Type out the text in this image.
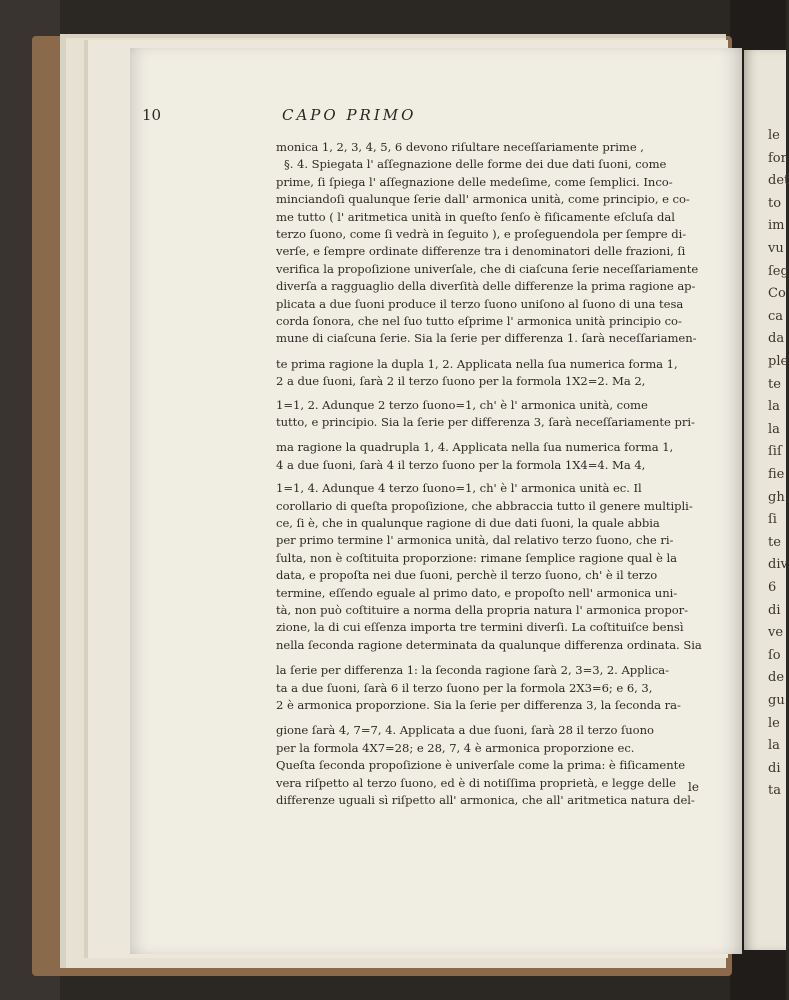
le
for
det
to
im
vu
ſeg
Co
ca
da
ple
te
la
la
ſiſ
fie
gh
ſi
te
div
6
di
ve
ſo
de
gu
le
la
di
ta
10	CAPO PRIMO
monica 1, 2, 3, 4, 5, 6 devono riſultare neceſſariamente prime ,
§. 4. Spiegata l' aſſegnazione delle forme dei due dati ſuoni, come
prime, ſi ſpiega l' aſſegnazione delle medeſime, come ſemplici. Inco-
minciandoſi qualunque ſerie dall' armonica unità, come principio, e co-
me tutto ( l' aritmetica unità in queſto ſenſo è fiſicamente eſcluſa dal
terzo ſuono, come ſi vedrà in ſeguito ), e proſeguendola per ſempre di-
verſe, e ſempre ordinate differenze tra i denominatori delle frazioni, ſi
verifica la propoſizione univerſale, che di ciaſcuna ſerie neceſſariamente
diverſa a ragguaglio della diverſità delle differenze la prima ragione ap-
plicata a due ſuoni produce il terzo ſuono uniſono al ſuono di una tesa
corda ſonora, che nel ſuo tutto eſprime l' armonica unità principio co-
mune di ciaſcuna ſerie. Sia la ſerie per differenza 1. ſarà neceſſariamen-
te prima ragione la dupla 1, 2. Applicata nella ſua numerica forma 1,
2 a due ſuoni, ſarà 2 il terzo ſuono per la formola 1X2=2. Ma 2,
1=1, 2. Adunque 2 terzo ſuono=1, ch' è l' armonica unità, come
tutto, e principio. Sia la ſerie per differenza 3, ſarà neceſſariamente pri-
ma ragione la quadrupla 1, 4. Applicata nella ſua numerica forma 1,
4 a due ſuoni, ſarà 4 il terzo ſuono per la formola 1X4=4. Ma 4,
1=1, 4. Adunque 4 terzo ſuono=1, ch' è l' armonica unità ec. Il
corollario di queſta propoſizione, che abbraccia tutto il genere multipli-
ce, ſi è, che in qualunque ragione di due dati ſuoni, la quale abbia
per primo termine l' armonica unità, dal relativo terzo ſuono, che ri-
ſulta, non è coſtituita proporzione: rimane ſemplice ragione qual è la
data, e propoſta nei due ſuoni, perchè il terzo ſuono, ch' è il terzo
termine, eſſendo eguale al primo dato, e propoſto nell' armonica uni-
tà, non può coſtituire a norma della propria natura l' armonica propor-
zione, la di cui eſſenza importa tre termini diverſi. La coſtituiſce bensì
nella ſeconda ragione determinata da qualunque differenza ordinata. Sia
la ſerie per differenza 1: la ſeconda ragione ſarà 2, 3=3, 2. Applica-
ta a due ſuoni, ſarà 6 il terzo ſuono per la formola 2X3=6; e 6, 3,
2 è armonica proporzione. Sia la ſerie per differenza 3, la ſeconda ra-
gione ſarà 4, 7=7, 4. Applicata a due ſuoni, ſarà 28 il terzo ſuono
per la formola 4X7=28; e 28, 7, 4 è armonica proporzione ec.
Queſta ſeconda propoſizione è univerſale come la prima: è fiſicamente
vera riſpetto al terzo ſuono, ed è di notiſſima proprietà, e legge delle
differenze uguali sì riſpetto all' armonica, che all' aritmetica natura del-
le
